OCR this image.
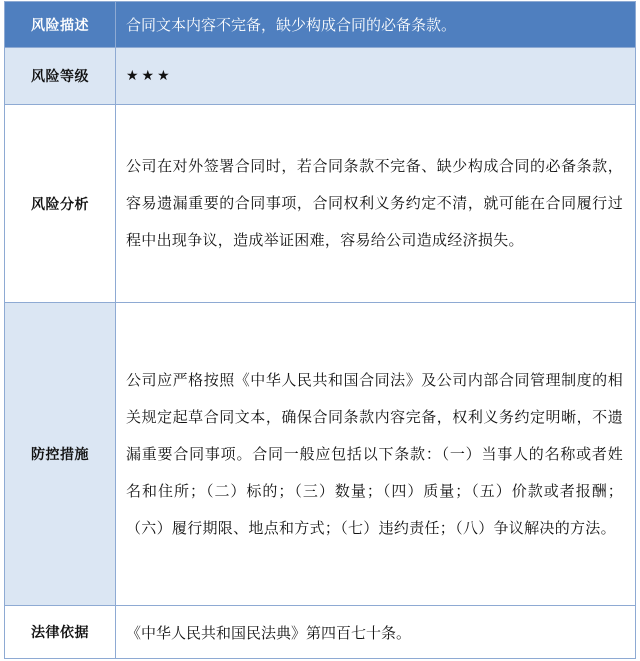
风险描述	合同文本内容不完备，缺少构成合同的必备条款。
风险等级	★★★
风险分析	公司在对外签署合同时，若合同条款不完备、缺少构成合同的必备条款，容易遗漏重要的合同事项，合同权利义务约定不清，就可能在合同履行过程中出现争议，造成举证困难，容易给公司造成经济损失。

防控措施	公司应严格按照《中华人民共和国合同法》及公司内部合同管理制度的相关规定起草合同文本，确保合同条款内容完备，权利义务约定明晰，不遗漏重要合同事项。合同一般应包括以下条款：（一）当事人的名称或者姓名和住所；（二）标的；（三）数量；（四）质量；（五）价款或者报酬；（六）履行期限、地点和方式；（七）违约责任；（八）争议解决的方法。

法律依据	《中华人民共和国民法典》第四百七十条。
